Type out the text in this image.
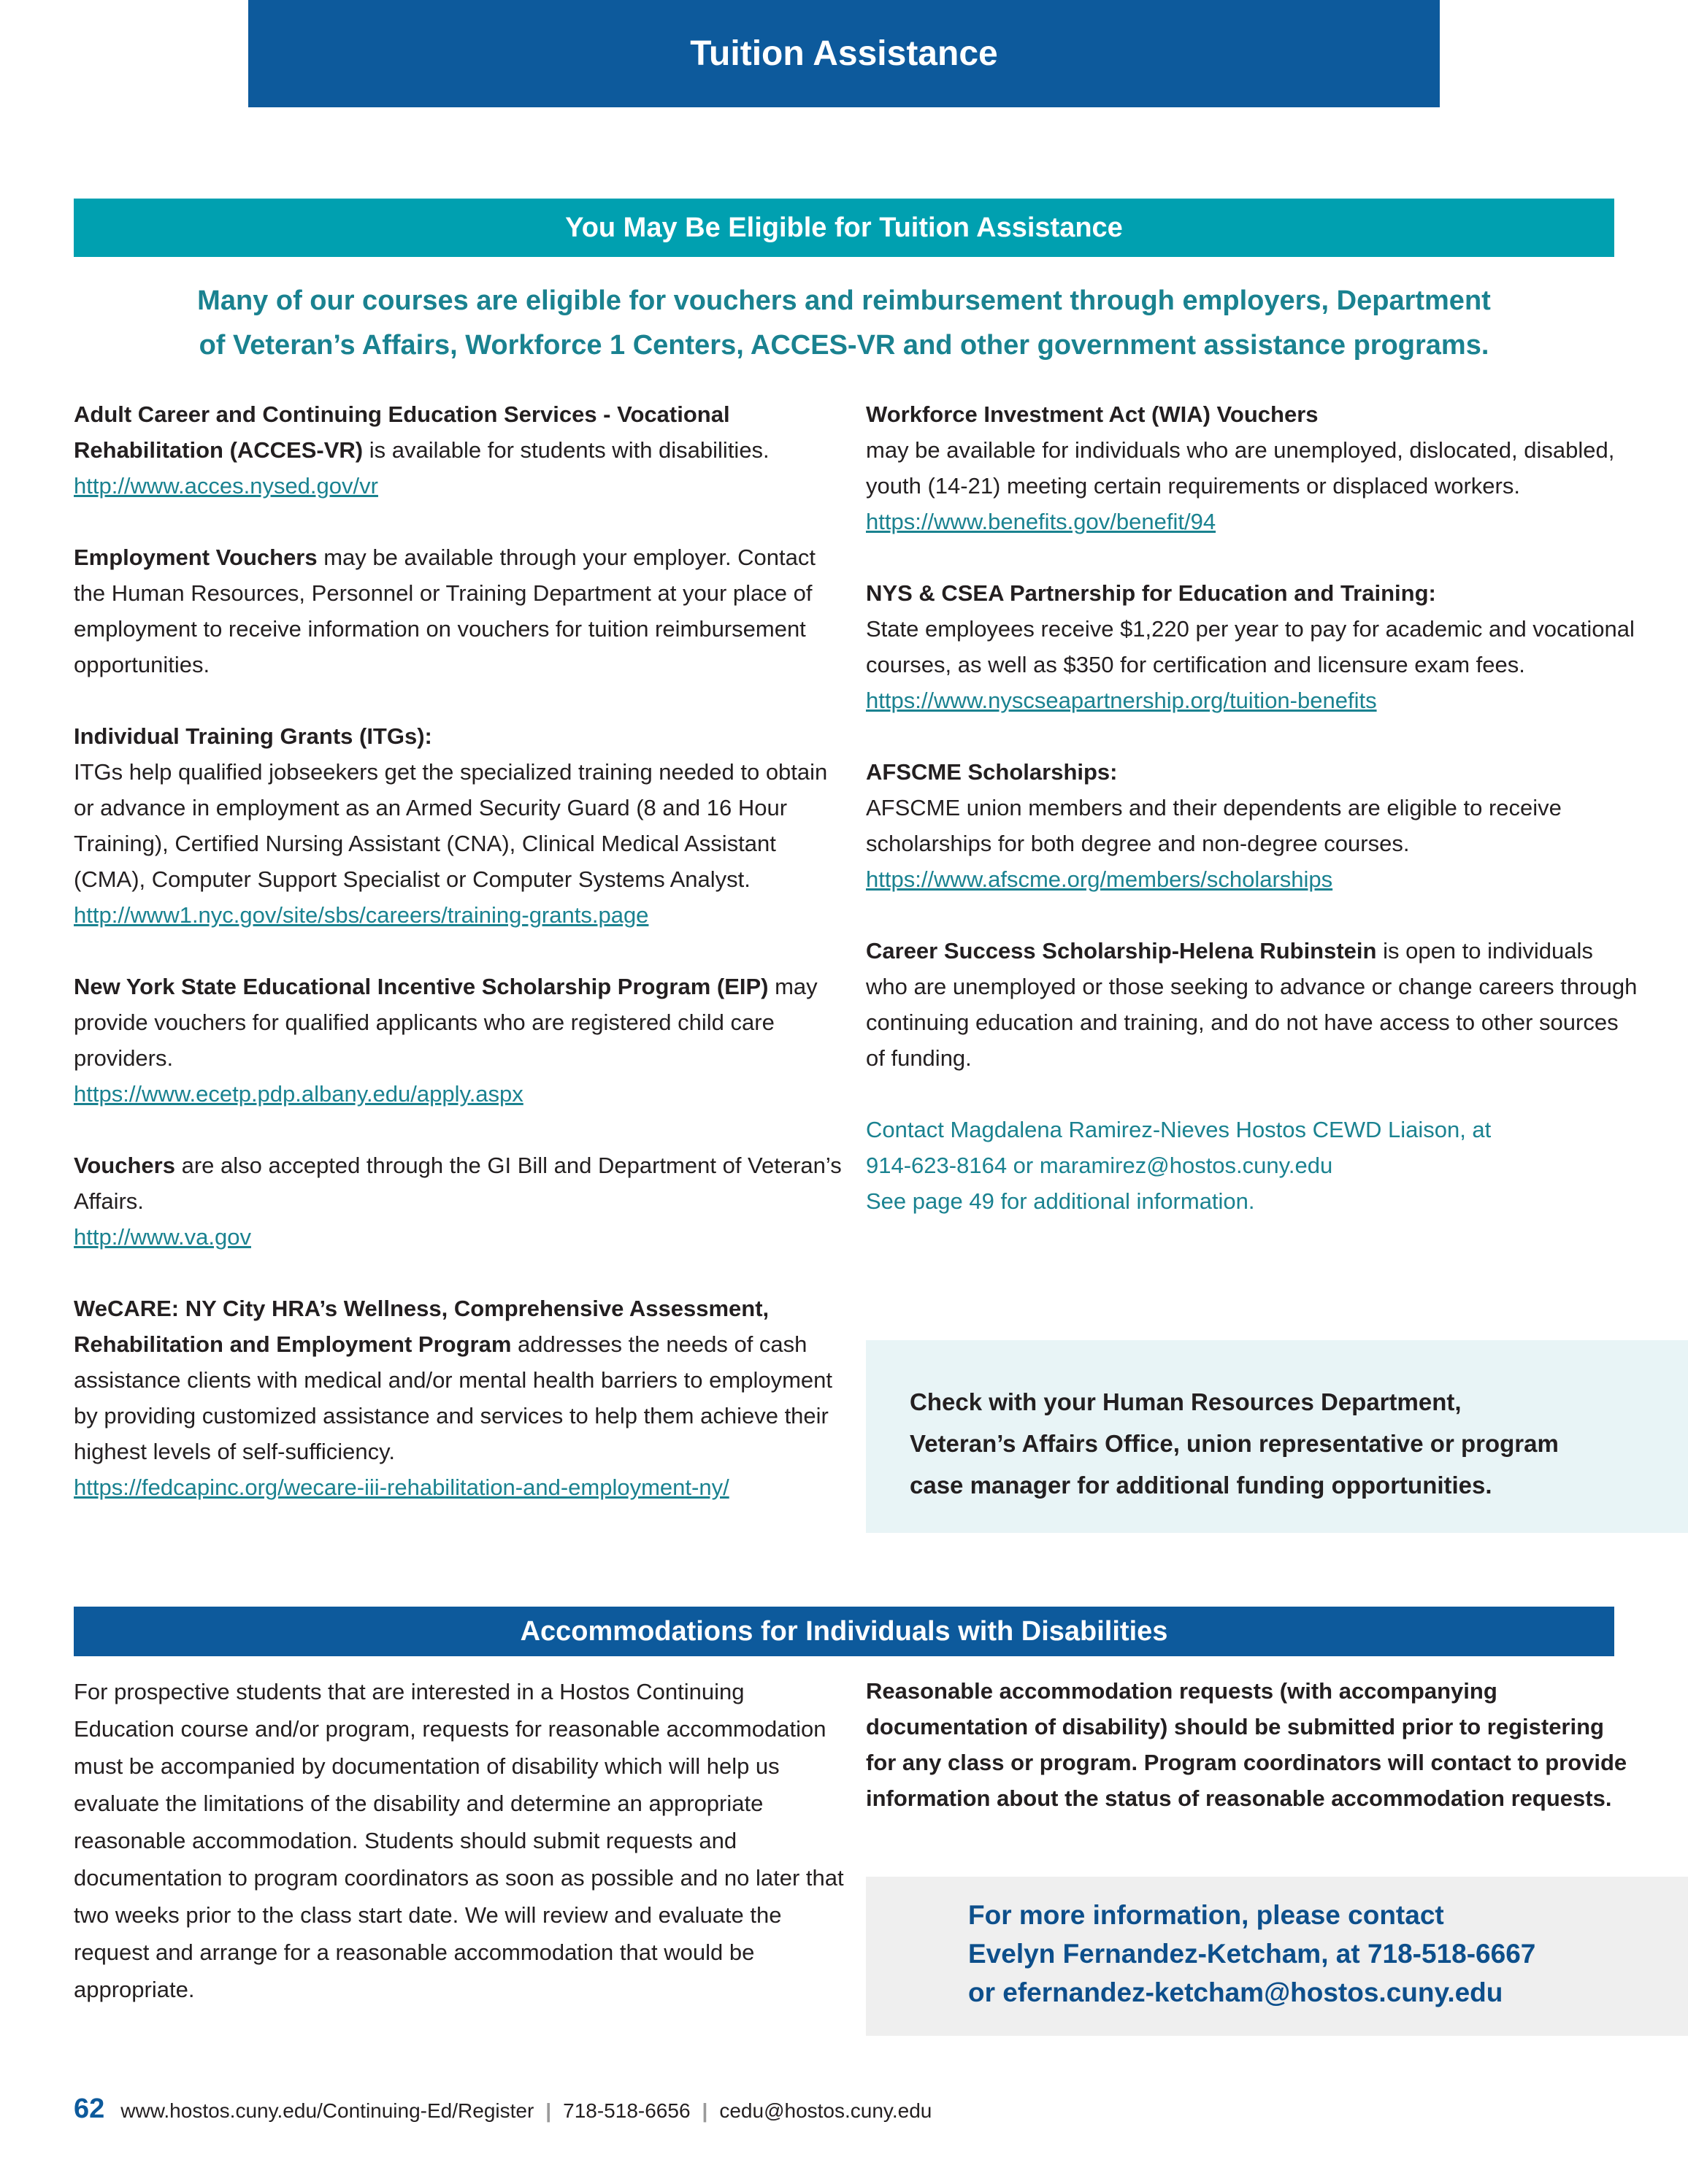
Tuition Assistance
You May Be Eligible for Tuition Assistance
Many of our courses are eligible for vouchers and reimbursement through employers, Department
of Veteran’s Affairs, Workforce 1 Centers, ACCES-VR and other government assistance programs.

Adult Career and Continuing Education Services - Vocational Rehabilitation (ACCES-VR) is available for students with disabilities.

http://www.acces.nysed.gov/vr

Employment Vouchers may be available through your employer. Contact the Human Resources, Personnel or Training Department at your place of employment to receive information on vouchers for tuition reimbursement opportunities.

Individual Training Grants (ITGs):

ITGs help qualified jobseekers get the specialized training needed to obtain or advance in employment as an Armed Security Guard (8 and 16 Hour Training), Certified Nursing Assistant (CNA), Clinical Medical Assistant (CMA), Computer Support Specialist or Computer Systems Analyst.

http://www1.nyc.gov/site/sbs/careers/training-grants.page

New York State Educational Incentive Scholarship Program (EIP) may provide vouchers for qualified applicants who are registered child care providers.

https://www.ecetp.pdp.albany.edu/apply.aspx

Vouchers are also accepted through the GI Bill and Department of Veteran’s Affairs.

http://www.va.gov

WeCARE: NY City HRA’s Wellness, Comprehensive Assessment, Rehabilitation and Employment Program addresses the needs of cash assistance clients with medical and/or mental health barriers to employment by providing customized assistance and services to help them achieve their highest levels of self-sufficiency.

https://fedcapinc.org/wecare-iii-rehabilitation-and-employment-ny/

Workforce Investment Act (WIA) Vouchers

may be available for individuals who are unemployed, dislocated, disabled, youth (14-21) meeting certain requirements or displaced workers.

https://www.benefits.gov/benefit/94

NYS & CSEA Partnership for Education and Training:

State employees receive $1,220 per year to pay for academic and vocational courses, as well as $350 for certification and licensure exam fees.

https://www.nyscseapartnership.org/tuition-benefits

AFSCME Scholarships:

AFSCME union members and their dependents are eligible to receive scholarships for both degree and non-degree courses.

https://www.afscme.org/members/scholarships

Career Success Scholarship-Helena Rubinstein is open to individuals who are unemployed or those seeking to advance or change careers through continuing education and training, and do not have access to other sources of funding.

Contact Magdalena Ramirez-Nieves Hostos CEWD Liaison, at
914-623-8164 or maramirez@hostos.cuny.edu
See page 49 for additional information.
Check with your Human Resources Department,
Veteran’s Affairs Office, union representative or program
case manager for additional funding opportunities.
Accommodations for Individuals with Disabilities

For prospective students that are interested in a Hostos Continuing Education course and/or program, requests for reasonable accommodation must be accompanied by documentation of disability which will help us evaluate the limitations of the disability and determine an appropriate reasonable accommodation. Students should submit requests and documentation to program coordinators as soon as possible and no later that two weeks prior to the class start date. We will review and evaluate the request and arrange for a reasonable accommodation that would be appropriate.

Reasonable accommodation requests (with accompanying documentation of disability) should be submitted prior to registering for any class or program. Program coordinators will contact to provide information about the status of reasonable accommodation requests.

For more information, please contact
Evelyn Fernandez-Ketcham, at 718-518-6667
or efernandez-ketcham@hostos.cuny.edu
62 www.hostos.cuny.edu/Continuing-Ed/Register | 718-518-6656 | cedu@hostos.cuny.edu
